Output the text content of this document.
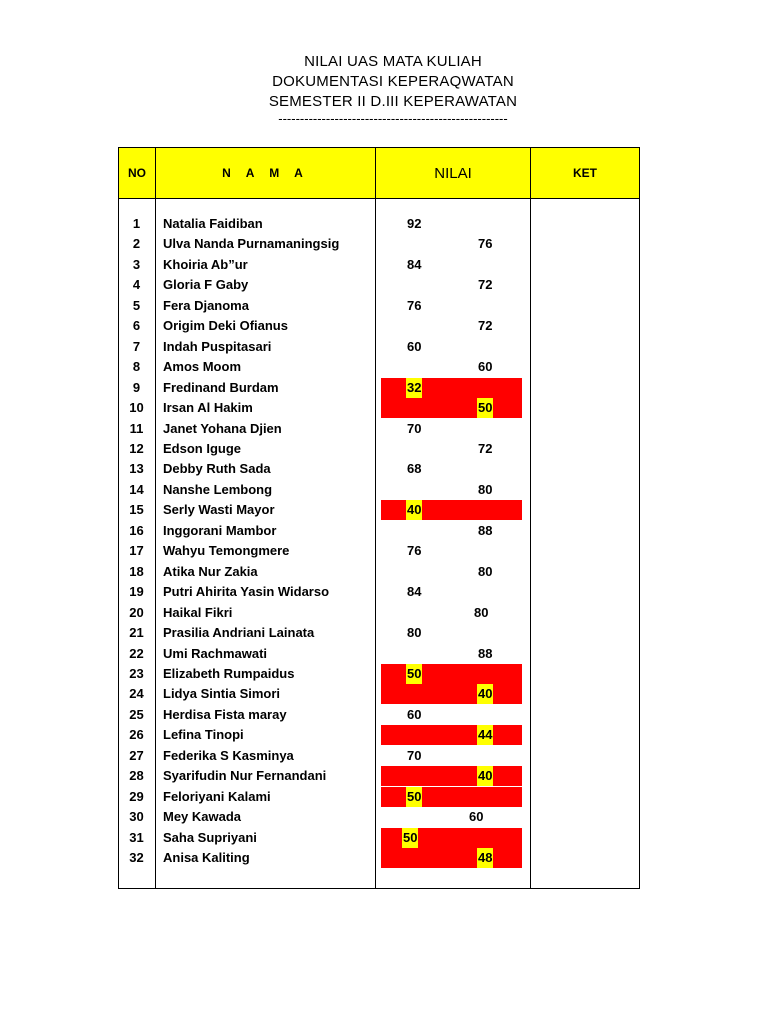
NILAI UAS MATA KULIAH
DOKUMENTASI KEPERAQWATAN
SEMESTER II D.III KEPERAWATAN
-----------------------------------------------------
NO	N A M A	NILAI	KET
1	Natalia Faidiban	92
2	Ulva Nanda Purnamaningsig	76
3	Khoiria Ab”ur	84
4	Gloria F Gaby	72
5	Fera Djanoma	76
6	Origim Deki Ofianus	72
7	Indah Puspitasari	60
8	Amos Moom	60
9	Fredinand Burdam	32
10	Irsan Al Hakim	50
11	Janet Yohana Djien	70
12	Edson Iguge	72
13	Debby Ruth Sada	68
14	Nanshe Lembong	80
15	Serly Wasti Mayor	40
16	Inggorani Mambor	88
17	Wahyu Temongmere	76
18	Atika Nur Zakia	80
19	Putri Ahirita Yasin Widarso	84
20	Haikal Fikri	80
21	Prasilia Andriani Lainata	80
22	Umi Rachmawati	88
23	Elizabeth Rumpaidus	50
24	Lidya Sintia Simori	40
25	Herdisa Fista maray	60
26	Lefina Tinopi	44
27	Federika S Kasminya	70
28	Syarifudin Nur Fernandani	40
29	Feloriyani Kalami	50
30	Mey Kawada	60
31	Saha Supriyani	50
32	Anisa Kaliting	48
